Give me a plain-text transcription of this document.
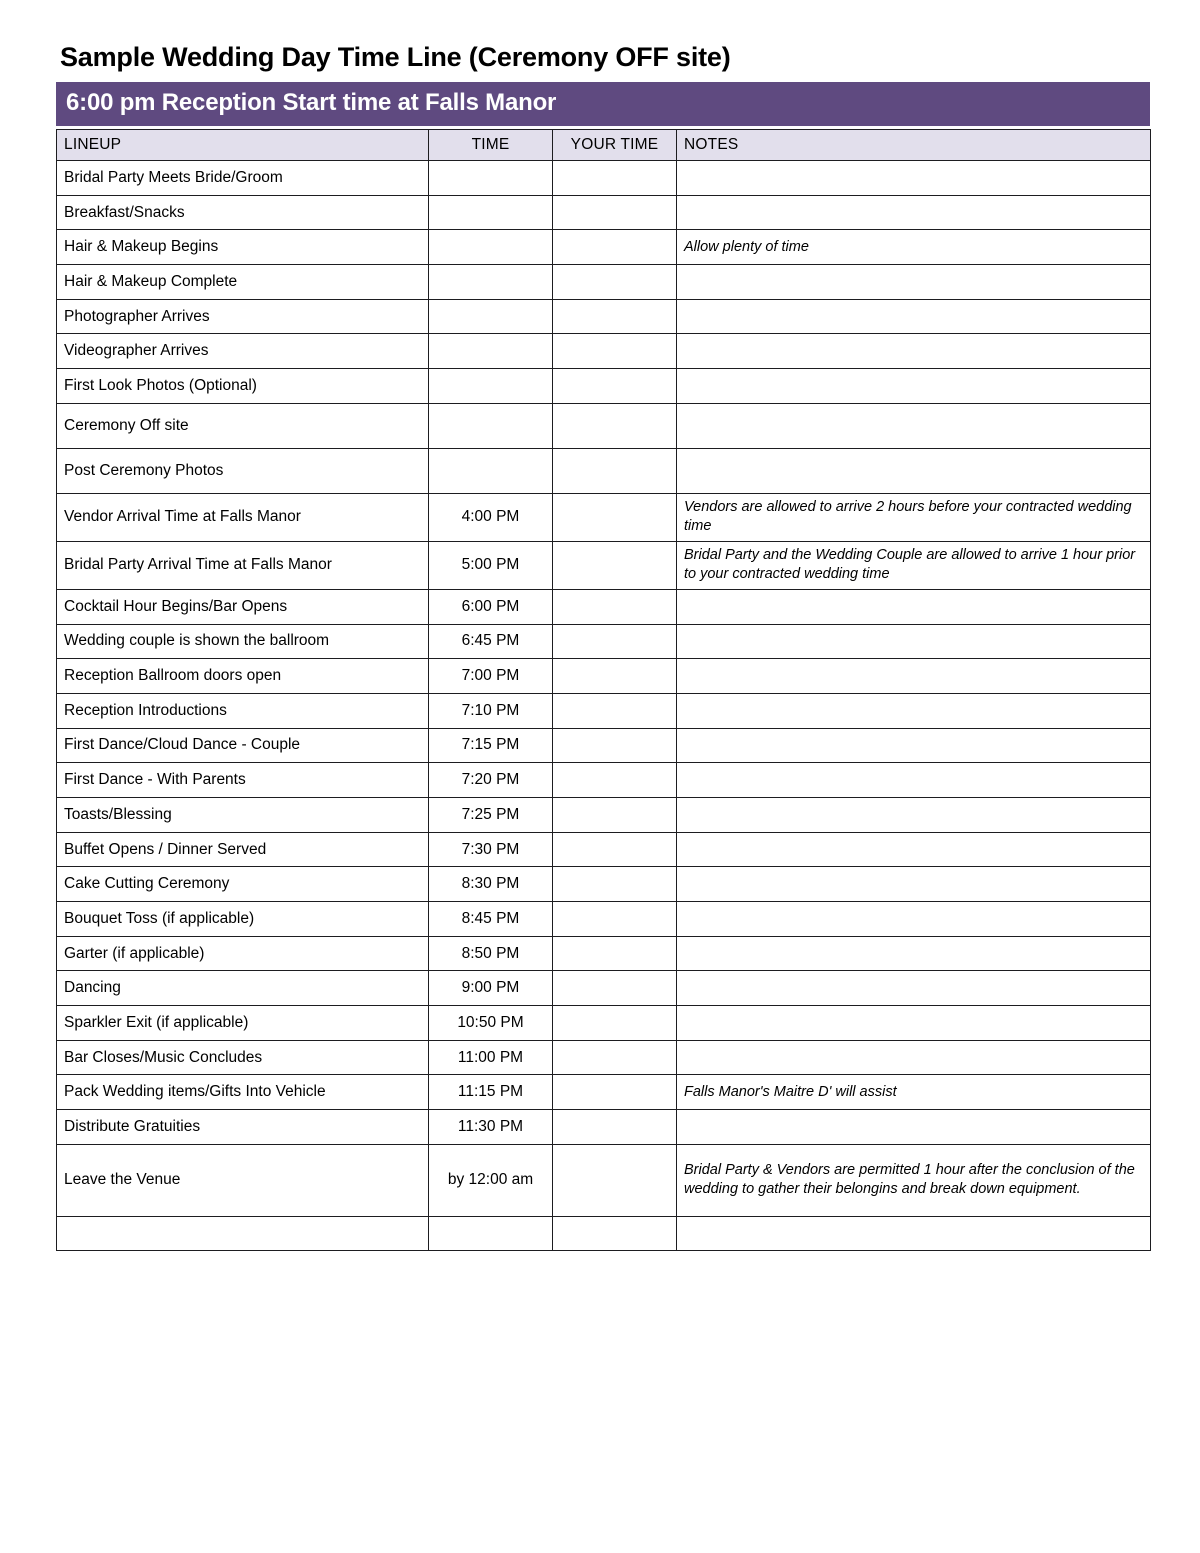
Sample Wedding Day Time Line (Ceremony OFF site)
6:00 pm Reception Start time at Falls Manor
LINEUP	TIME	YOUR TIME	NOTES
Bridal Party Meets Bride/Groom			
Breakfast/Snacks			
Hair & Makeup Begins			Allow plenty of time
Hair & Makeup Complete			
Photographer Arrives			
Videographer Arrives			
First Look Photos (Optional)			
Ceremony Off site			
Post Ceremony Photos			
Vendor Arrival Time at Falls Manor	4:00 PM		Vendors are allowed to arrive 2 hours before your contracted wedding time
Bridal Party Arrival Time at Falls Manor	5:00 PM		Bridal Party and the Wedding Couple are allowed to arrive 1 hour prior to your contracted wedding time
Cocktail Hour Begins/Bar Opens	6:00 PM		
Wedding couple is shown the ballroom	6:45 PM		
Reception Ballroom doors open	7:00 PM		
Reception Introductions	7:10 PM		
First Dance/Cloud Dance - Couple	7:15 PM		
First Dance - With Parents	7:20 PM		
Toasts/Blessing	7:25 PM		
Buffet Opens / Dinner Served	7:30 PM		
Cake Cutting Ceremony	8:30 PM		
Bouquet Toss (if applicable)	8:45 PM		
Garter (if applicable)	8:50 PM		
Dancing	9:00 PM		
Sparkler Exit (if applicable)	10:50 PM		
Bar Closes/Music Concludes	11:00 PM		
Pack Wedding items/Gifts Into Vehicle	11:15 PM		Falls Manor's Maitre D' will assist
Distribute Gratuities	11:30 PM		
Leave the Venue	by 12:00 am		Bridal Party & Vendors are permitted 1 hour after the conclusion of the wedding to gather their belongins and break down equipment.
